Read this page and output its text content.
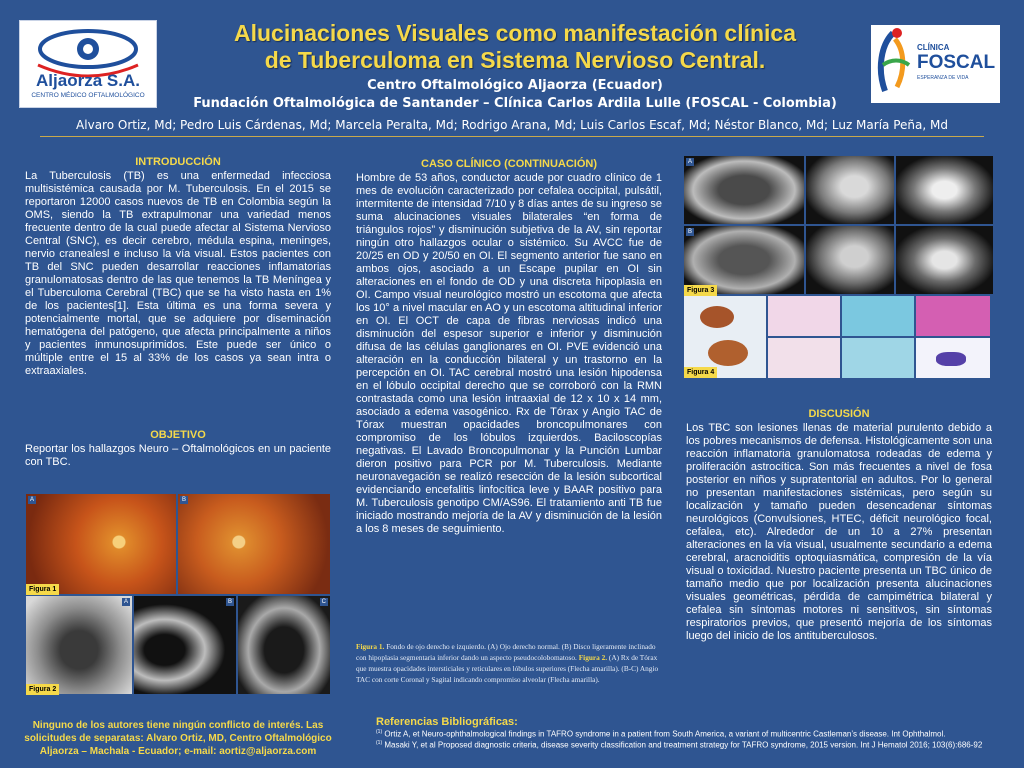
Aljaorza S.A.
CENTRO MÉDICO OFTALMOLÓGICO
CLÍNICA
FOSCAL
ESPERANZA DE VIDA
Alucinaciones Visuales como manifestación clínica
de Tuberculoma en Sistema Nervioso Central.
Centro Oftalmológico Aljaorza (Ecuador)
Fundación Oftalmológica de Santander – Clínica Carlos Ardila Lulle (FOSCAL - Colombia)
Alvaro Ortiz, Md; Pedro Luis Cárdenas, Md; Marcela Peralta, Md; Rodrigo Arana, Md; Luis Carlos Escaf, Md; Néstor Blanco, Md; Luz María Peña, Md
INTRODUCCIÓN
La Tuberculosis (TB) es una enfermedad infecciosa multisistémica causada por M. Tuberculosis. En el 2015 se reportaron 12000 casos nuevos de TB en Colombia según la OMS, siendo la TB extrapulmonar una variedad menos frecuente dentro de la cual puede afectar al Sistema Nervioso Central (SNC), es decir cerebro, médula espina, meninges, nervio cranealesl e incluso la vía visual. Estos pacientes con TB del SNC pueden desarrollar reacciones inflamatorias granulomatosas dentro de las que tenemos la TB Meníngea y el Tuberculoma Cerebral (TBC) que se ha visto hasta en 1% de los pacientes[1]. Esta última es una forma severa y potencialmente mortal, que se adquiere por diseminación hematógena del patógeno, que afecta principalmente a niños y pacientes inmunosuprimidos. Este puede ser único o múltiple entre el 15 al 33% de los casos ya sean intra o extraaxiales.
OBJETIVO
Reportar los hallazgos Neuro – Oftalmológicos en un paciente con TBC.
A	B
Figura 1
A	B	C
Figura 2
CASO CLÍNICO (CONTINUACIÓN)
Hombre de 53 años, conductor acude por cuadro clínico de 1 mes de evolución caracterizado por cefalea occipital, pulsátil, intermitente de intensidad 7/10 y 8 días antes de su ingreso se suma alucinaciones visuales bilaterales “en forma de triángulos rojos” y disminución subjetiva de la AV, sin reportar ningún otro hallazgos ocular o sistémico. Su AVCC fue de 20/25 en OD y 20/50 en OI. El segmento anterior fue sano en ambos ojos, asociado a un Escape pupilar en OI sin alteraciones en el fondo de OD y una discreta hipoplasia en OI. Campo visual neurológico mostró un escotoma que afecta los 10° a nivel macular en AO y un escotoma altitudinal inferior en OI. El OCT de capa de fibras nerviosas indicó una disminución del espesor superior e inferior y disminución difusa de las células ganglionares en OI. PVE evidenció una alteración en la conducción bilateral y un trastorno en la percepción en OI. TAC cerebral mostró una lesión hipodensa en el lóbulo occipital derecho que se corroboró con la RMN contrastada como una lesión intraaxial de 12 x 10 x 14 mm, asociado a edema vasogénico. Rx de Tórax y Angio TAC de Tórax muestran opacidades broncopulmonares con compromiso de los lóbulos izquierdos. Baciloscopías negativas. El Lavado Broncopulmonar y la Punción Lumbar dieron positivo para PCR por M. Tuberculosis. Mediante neuronavegación se realizó resección de la lesión subcortical evidenciando encefalitis linfocítica leve y BAAR positivo para M. Tuberculosis genotipo CM/AS96. El tratamiento anti TB fue iniciado mostrando mejoría de la AV y disminución de la lesión a los 8 meses de seguimiento.
Figura 1. Fondo de ojo derecho e izquierdo. (A) Ojo derecho normal. (B) Disco ligeramente inclinado con hipoplasia segmentaria inferior dando un aspecto pseudocolobomatoso. Figura 2. (A) Rx de Tórax que muestra opacidades intersticiales y reticulares en lóbulos superiores (Flecha amarilla). (B-C) Angio TAC con corte Coronal y Sagital indicando compromiso alveolar (Flecha amarilla).
A
B
Figura 3
Figura 4
DISCUSIÓN
Los TBC son lesiones llenas de material purulento debido a los pobres mecanismos de defensa. Histológicamente son una reacción inflamatoria granulomatosa rodeadas de edema y proliferación astrocítica. Son más frecuentes a nivel de fosa posterior en niños y supratentorial en adultos. Por lo general no presentan manifestaciones sistémicas, pero según su localización y tamaño pueden desencadenar síntomas neurológicos (Convulsiones, HTEC, déficit neurológico focal, cefalea, etc). Alrededor de un 10 a 27% presentan alteraciones en la vía visual, usualmente secundario a edema cerebral, aracnoiditis optoquiasmática, compresión de la vía visual o toxicidad. Nuestro paciente presenta un TBC único de tamaño medio que por localización presenta alucinaciones visuales geométricas, pérdida de campimétrica bilateral y cefalea sin síntomas motores ni sensitivos, sin síntomas respiratorios previos, que presentó mejoría de los síntomas luego del inicio de los antituberculosos.
Ninguno de los autores tiene ningún conflicto de interés. Las solicitudes de separatas: Alvaro Ortiz, MD, Centro Oftalmológico Aljaorza – Machala - Ecuador; e-mail: aortiz@aljaorza.com
Referencias Bibliográficas:
$^{(1)}$ Ortiz A, et Neuro-ophthalmological findings in TAFRO syndrome in a patient from South America, a variant of multicentric Castleman’s disease. Int Ophthalmol.
$^{(1)}$ Masaki Y, et al Proposed diagnostic criteria, disease severity classification and treatment strategy for TAFRO syndrome, 2015 version. Int J Hematol 2016; 103(6):686-92
